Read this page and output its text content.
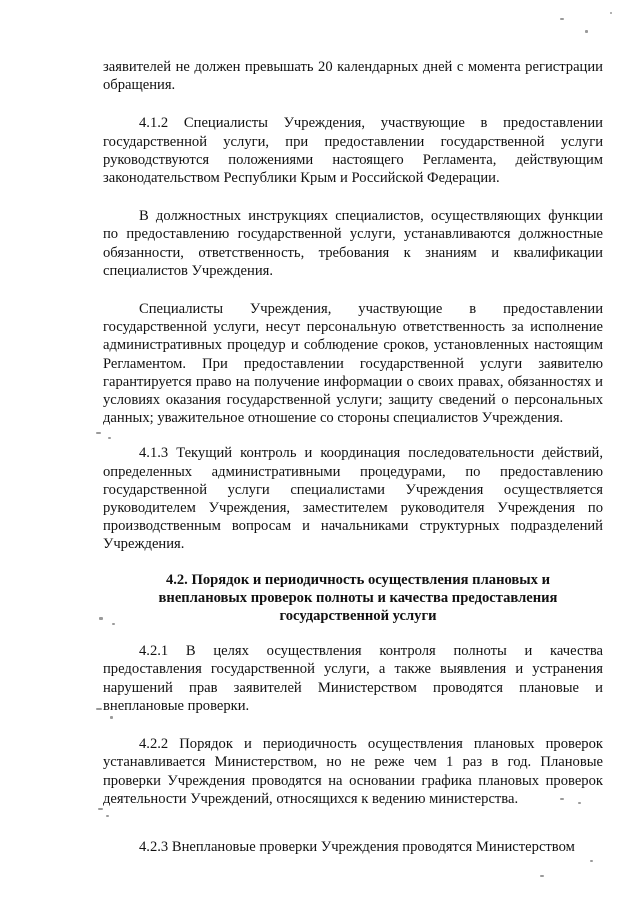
заявителей не должен превышать 20 календарных дней с момента регистрации обращения.

4.1.2 Специалисты Учреждения, участвующие в предоставлении государственной услуги, при предоставлении государственной услуги руководствуются положениями настоящего Регламента, действующим законодательством Республики Крым и Российской Федерации.

В должностных инструкциях специалистов, осуществляющих функции по предоставлению государственной услуги, устанавливаются должностные обязанности, ответственность, требования к знаниям и квалификации специалистов Учреждения.

Специалисты Учреждения, участвующие в предоставлении государственной услуги, несут персональную ответственность за исполнение административных процедур и соблюдение сроков, установленных настоящим Регламентом. При предоставлении государственной услуги заявителю гарантируется право на получение информации о своих правах, обязанностях и условиях оказания государственной услуги; защиту сведений о персональных данных; уважительное отношение со стороны специалистов Учреждения.

4.1.3 Текущий контроль и координация последовательности действий, определенных административными процедурами, по предоставлению государственной услуги специалистами Учреждения осуществляется руководителем Учреждения, заместителем руководителя Учреждения по производственным вопросам и начальниками структурных подразделений Учреждения.

4.2. Порядок и периодичность осуществления плановых и внеплановых проверок полноты и качества предоставления государственной услуги

4.2.1 В целях осуществления контроля полноты и качества предоставления государственной услуги, а также выявления и устранения нарушений прав заявителей Министерством проводятся плановые и внеплановые проверки.

4.2.2 Порядок и периодичность осуществления плановых проверок устанавливается Министерством, но не реже чем 1 раз в год. Плановые проверки Учреждения проводятся на основании графика плановых проверок деятельности Учреждений, относящихся к ведению министерства.

4.2.3 Внеплановые проверки Учреждения проводятся Министерством
